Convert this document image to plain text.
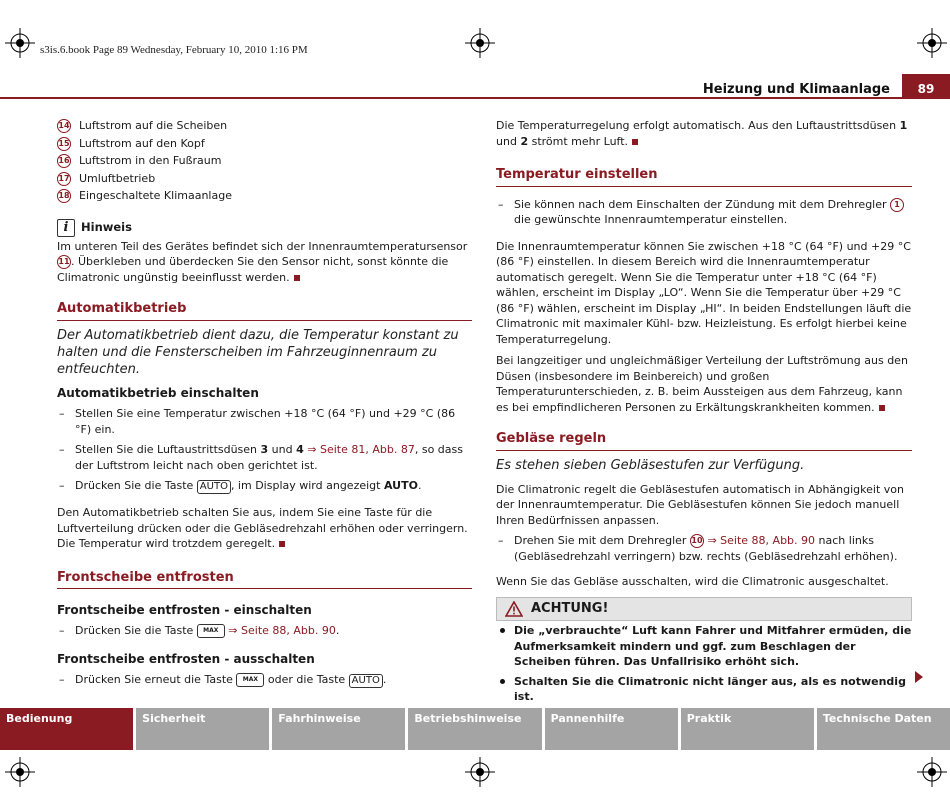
s3is.6.book Page 89 Wednesday, February 10, 2010 1:16 PM
Heizung und Klimaanlage	89
14 Luftstrom auf die Scheiben
15 Luftstrom auf den Kopf
16 Luftstrom in den Fußraum
17 Umluftbetrieb
18 Eingeschaltete Klimaanlage
i Hinweis

Im unteren Teil des Gerätes befindet sich der Innenraumtemperatursensor 11. Überkleben und überdecken Sie den Sensor nicht, sonst könnte die Climatronic ungünstig beeinflusst werden.

Automatikbetrieb

Der Automatikbetrieb dient dazu, die Temperatur konstant zu halten und die Fensterscheiben im Fahrzeuginnenraum zu entfeuchten.

Automatikbetrieb einschalten

– Stellen Sie eine Temperatur zwischen +18 °C (64 °F) und +29 °C (86 °F) ein.

– Stellen Sie die Luftaustrittsdüsen 3 und 4 ⇒ Seite 81, Abb. 87, so dass der Luftstrom leicht nach oben gerichtet ist.

– Drücken Sie die Taste AUTO , im Display wird angezeigt AUTO.

Den Automatikbetrieb schalten Sie aus, indem Sie eine Taste für die Luftverteilung drücken oder die Gebläsedrehzahl erhöhen oder verringern. Die Temperatur wird trotzdem geregelt.

Frontscheibe entfrosten

Frontscheibe entfrosten - einschalten

– Drücken Sie die Taste MAX ⇒ Seite 88, Abb. 90.

Frontscheibe entfrosten - ausschalten

– Drücken Sie erneut die Taste MAX oder die Taste AUTO .

Die Temperaturregelung erfolgt automatisch. Aus den Luftaustrittsdüsen 1 und 2 strömt mehr Luft.

Temperatur einstellen

– Sie können nach dem Einschalten der Zündung mit dem Drehregler 1 die gewünschte Innenraumtemperatur einstellen.

Die Innenraumtemperatur können Sie zwischen +18 °C (64 °F) und +29 °C (86 °F) einstellen. In diesem Bereich wird die Innenraumtemperatur automatisch geregelt. Wenn Sie die Temperatur unter +18 °C (64 °F) wählen, erscheint im Display „LO“. Wenn Sie die Temperatur über +29 °C (86 °F) wählen, erscheint im Display „HI“. In beiden Endstellungen läuft die Climatronic mit maximaler Kühl- bzw. Heizleistung. Es erfolgt hierbei keine Temperaturregelung.

Bei langzeitiger und ungleichmäßiger Verteilung der Luftströmung aus den Düsen (insbesondere im Beinbereich) und großen Temperaturunterschieden, z. B. beim Aussteigen aus dem Fahrzeug, kann es bei empfindlicheren Personen zu Erkältungskrankheiten kommen.

Gebläse regeln

Es stehen sieben Gebläsestufen zur Verfügung.

Die Climatronic regelt die Gebläsestufen automatisch in Abhängigkeit von der Innenraumtemperatur. Die Gebläsestufen können Sie jedoch manuell Ihren Bedürfnissen anpassen.

– Drehen Sie mit dem Drehregler 10 ⇒ Seite 88, Abb. 90 nach links (Gebläsedrehzahl verringern) bzw. rechts (Gebläsedrehzahl erhöhen).

Wenn Sie das Gebläse ausschalten, wird die Climatronic ausgeschaltet.

ACHTUNG!
Die „verbrauchte“ Luft kann Fahrer und Mitfahrer ermüden, die Aufmerksamkeit mindern und ggf. zum Beschlagen der Scheiben führen. Das Unfallrisiko erhöht sich.
Schalten Sie die Climatronic nicht länger aus, als es notwendig ist.
Bedienung	Sicherheit	Fahrhinweise	Betriebshinweise	Pannenhilfe	Praktik	Technische Daten
